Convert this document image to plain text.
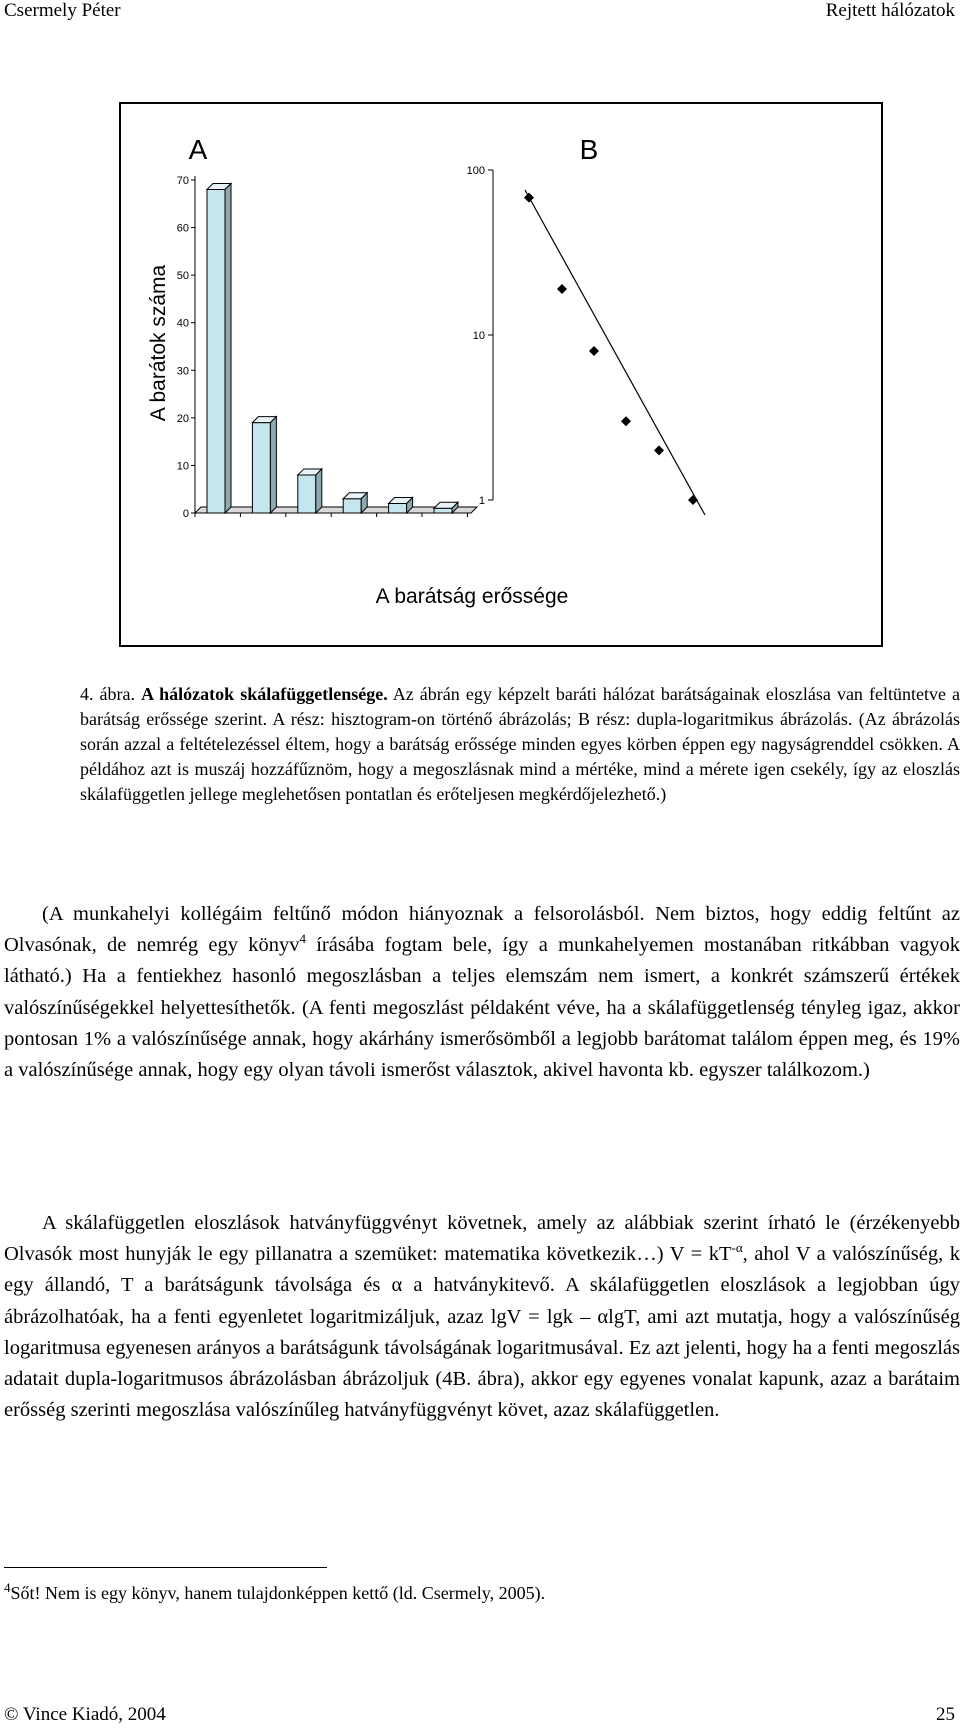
Csermely Péter	Rejtett hálózatok
A	B
A barátok száma
A barátság erőssége
0
10
20
30
40
50
60
70
1
10
100
4. ábra. A hálózatok skálafüggetlensége. Az ábrán egy képzelt baráti hálózat barátságainak eloszlása van feltüntetve a barátság erőssége szerint. A rész: hisztogram-on történő ábrázolás; B rész: dupla-logaritmikus ábrázolás. (Az ábrázolás során azzal a feltételezéssel éltem, hogy a barátság erőssége minden egyes körben éppen egy nagyságrenddel csökken. A példához azt is muszáj hozzáfűznöm, hogy a megoszlásnak mind a mértéke, mind a mérete igen csekély, így az eloszlás skálafüggetlen jellege meglehetősen pontatlan és erőteljesen megkérdőjelezhető.)

(A munkahelyi kollégáim feltűnő módon hiányoznak a felsorolásból. Nem biztos, hogy eddig feltűnt az Olvasónak, de nemrég egy könyv$^4$ írásába fogtam bele, így a munkahelyemen mostanában ritkábban vagyok látható.) Ha a fentiekhez hasonló megoszlásban a teljes elemszám nem ismert, a konkrét számszerű értékek valószínűségekkel helyettesíthetők. (A fenti megoszlást példaként véve, ha a skálafüggetlenség tényleg igaz, akkor pontosan 1% a valószínűsége annak, hogy akárhány ismerősömből a legjobb barátomat találom éppen meg, és 19% a valószínűsége annak, hogy egy olyan távoli ismerőst választok, akivel havonta kb. egyszer találkozom.)

A skálafüggetlen eloszlások hatványfüggvényt követnek, amely az alábbiak szerint írható le (érzékenyebb Olvasók most hunyják le egy pillanatra a szemüket: matematika következik…) $V = kT^{-\alpha}$, ahol V a valószínűség, k egy állandó, T a barátságunk távolsága és α a hatványkitevő. A skálafüggetlen eloszlások a legjobban úgy ábrázolhatóak, ha a fenti egyenletet logaritmizáljuk, azaz lgV = lgk – αlgT, ami azt mutatja, hogy a valószínűség logaritmusa egyenesen arányos a barátságunk távolságának logaritmusával. Ez azt jelenti, hogy ha a fenti megoszlás adatait dupla-logaritmusos ábrázolásban ábrázoljuk (4B. ábra), akkor egy egyenes vonalat kapunk, azaz a barátaim erősség szerinti megoszlása valószínűleg hatványfüggvényt követ, azaz skálafüggetlen.

$^4$Sőt! Nem is egy könyv, hanem tulajdonképpen kettő (ld. Csermely, 2005).
© Vince Kiadó, 2004	25
